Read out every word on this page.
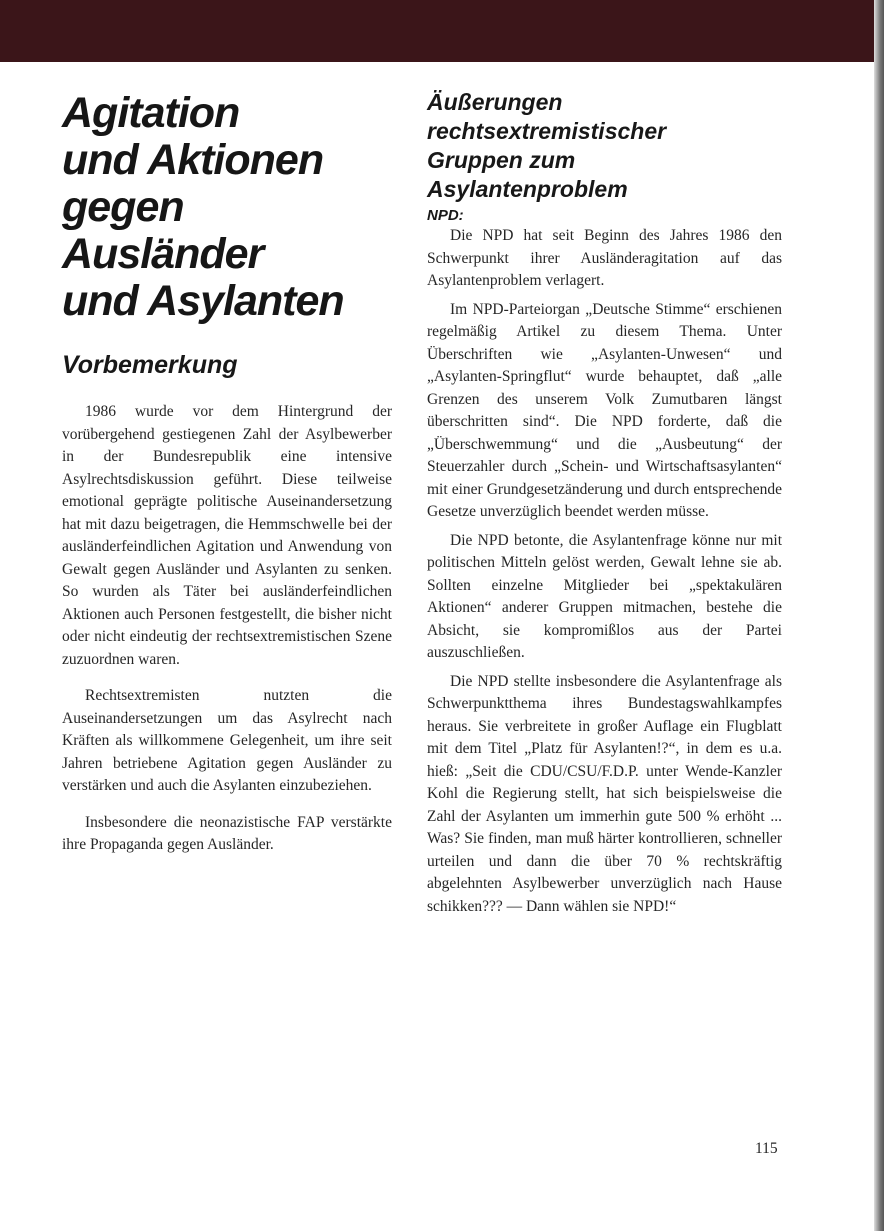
Agitation
und Aktionen
gegen
Ausländer
und Asylanten
Vorbemerkung

1986 wurde vor dem Hintergrund der vorübergehend gestiegenen Zahl der Asylbewerber in der Bundesrepublik eine intensive Asylrechtsdiskussion geführt. Diese teilweise emotional geprägte politische Auseinandersetzung hat mit dazu beigetragen, die Hemmschwelle bei der ausländerfeindlichen Agitation und Anwendung von Gewalt gegen Ausländer und Asylanten zu senken. So wurden als Täter bei ausländerfeindlichen Aktionen auch Personen festgestellt, die bisher nicht oder nicht eindeutig der rechtsextremistischen Szene zuzuordnen waren.

Rechtsextremisten nutzten die Auseinandersetzungen um das Asylrecht nach Kräften als willkommene Gelegenheit, um ihre seit Jahren betriebene Agitation gegen Ausländer zu verstärken und auch die Asylanten einzubeziehen.

Insbesondere die neonazistische FAP verstärkte ihre Propaganda gegen Ausländer.

Äußerungen
rechtsextremistischer
Gruppen zum
Asylantenproblem
NPD:

Die NPD hat seit Beginn des Jahres 1986 den Schwerpunkt ihrer Ausländeragitation auf das Asylantenproblem verlagert.

Im NPD-Parteiorgan „Deutsche Stimme“ erschienen regelmäßig Artikel zu diesem Thema. Unter Überschriften wie „Asylanten-Unwesen“ und „Asylanten-Springflut“ wurde behauptet, daß „alle Grenzen des unserem Volk Zumutbaren längst überschritten sind“. Die NPD forderte, daß die „Überschwemmung“ und die „Ausbeutung“ der Steuerzahler durch „Schein- und Wirtschaftsasylanten“ mit einer Grundgesetzänderung und durch entsprechende Gesetze unverzüglich beendet werden müsse.

Die NPD betonte, die Asylantenfrage könne nur mit politischen Mitteln gelöst werden, Gewalt lehne sie ab. Sollten einzelne Mitglieder bei „spektakulären Aktionen“ anderer Gruppen mitmachen, bestehe die Absicht, sie kompromißlos aus der Partei auszuschließen.

Die NPD stellte insbesondere die Asylantenfrage als Schwerpunktthema ihres Bundestagswahlkampfes heraus. Sie verbreitete in großer Auflage ein Flugblatt mit dem Titel „Platz für Asylanten!?“, in dem es u.a. hieß: „Seit die CDU/CSU/F.D.P. unter Wende-Kanzler Kohl die Regierung stellt, hat sich beispielsweise die Zahl der Asylanten um immerhin gute 500 % erhöht ... Was? Sie finden, man muß härter kontrollieren, schneller urteilen und dann die über 70 % rechtskräftig abgelehnten Asylbewerber unverzüglich nach Hause schikken??? — Dann wählen sie NPD!“

115
